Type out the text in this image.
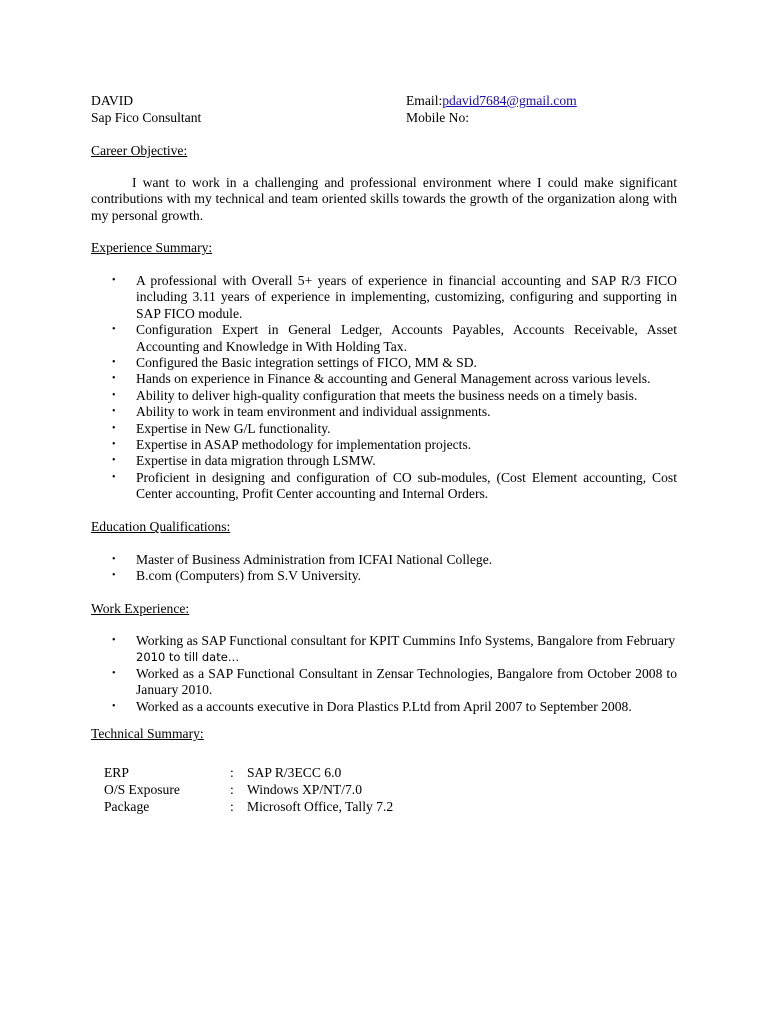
DAVID
Sap Fico Consultant
Email:pdavid7684@gmail.com
Mobile No:
Career Objective:

I want to work in a challenging and professional environment where I could make significant contributions with my technical and team oriented skills towards the growth of the organization along with my personal growth.

Experience Summary:
• A professional with Overall 5+ years of experience in financial accounting and SAP R/3 FICO including 3.11 years of experience in implementing, customizing, configuring and supporting in SAP FICO module.
• Configuration Expert in General Ledger, Accounts Payables, Accounts Receivable, Asset Accounting and Knowledge in With Holding Tax.
• Configured the Basic integration settings of FICO, MM & SD.
• Hands on experience in Finance & accounting and General Management across various levels.
• Ability to deliver high-quality configuration that meets the business needs on a timely basis.
• Ability to work in team environment and individual assignments.
• Expertise in New G/L functionality.
• Expertise in ASAP methodology for implementation projects.
• Expertise in data migration through LSMW.
• Proficient in designing and configuration of CO sub-modules, (Cost Element accounting, Cost Center accounting, Profit Center accounting and Internal Orders.
Education Qualifications:
• Master of Business Administration from ICFAI National College.
• B.com (Computers) from S.V University.
Work Experience:
• Working as SAP Functional consultant for KPIT Cummins Info Systems, Bangalore from February
2010 to till date…
• Worked as a SAP Functional Consultant in Zensar Technologies, Bangalore from October 2008 to January 2010.
• Worked as a accounts executive in Dora Plastics P.Ltd from April 2007 to September 2008.
Technical Summary:
ERP	:	SAP R/3ECC 6.0
O/S Exposure	:	Windows XP/NT/7.0
Package	:	Microsoft Office, Tally 7.2
